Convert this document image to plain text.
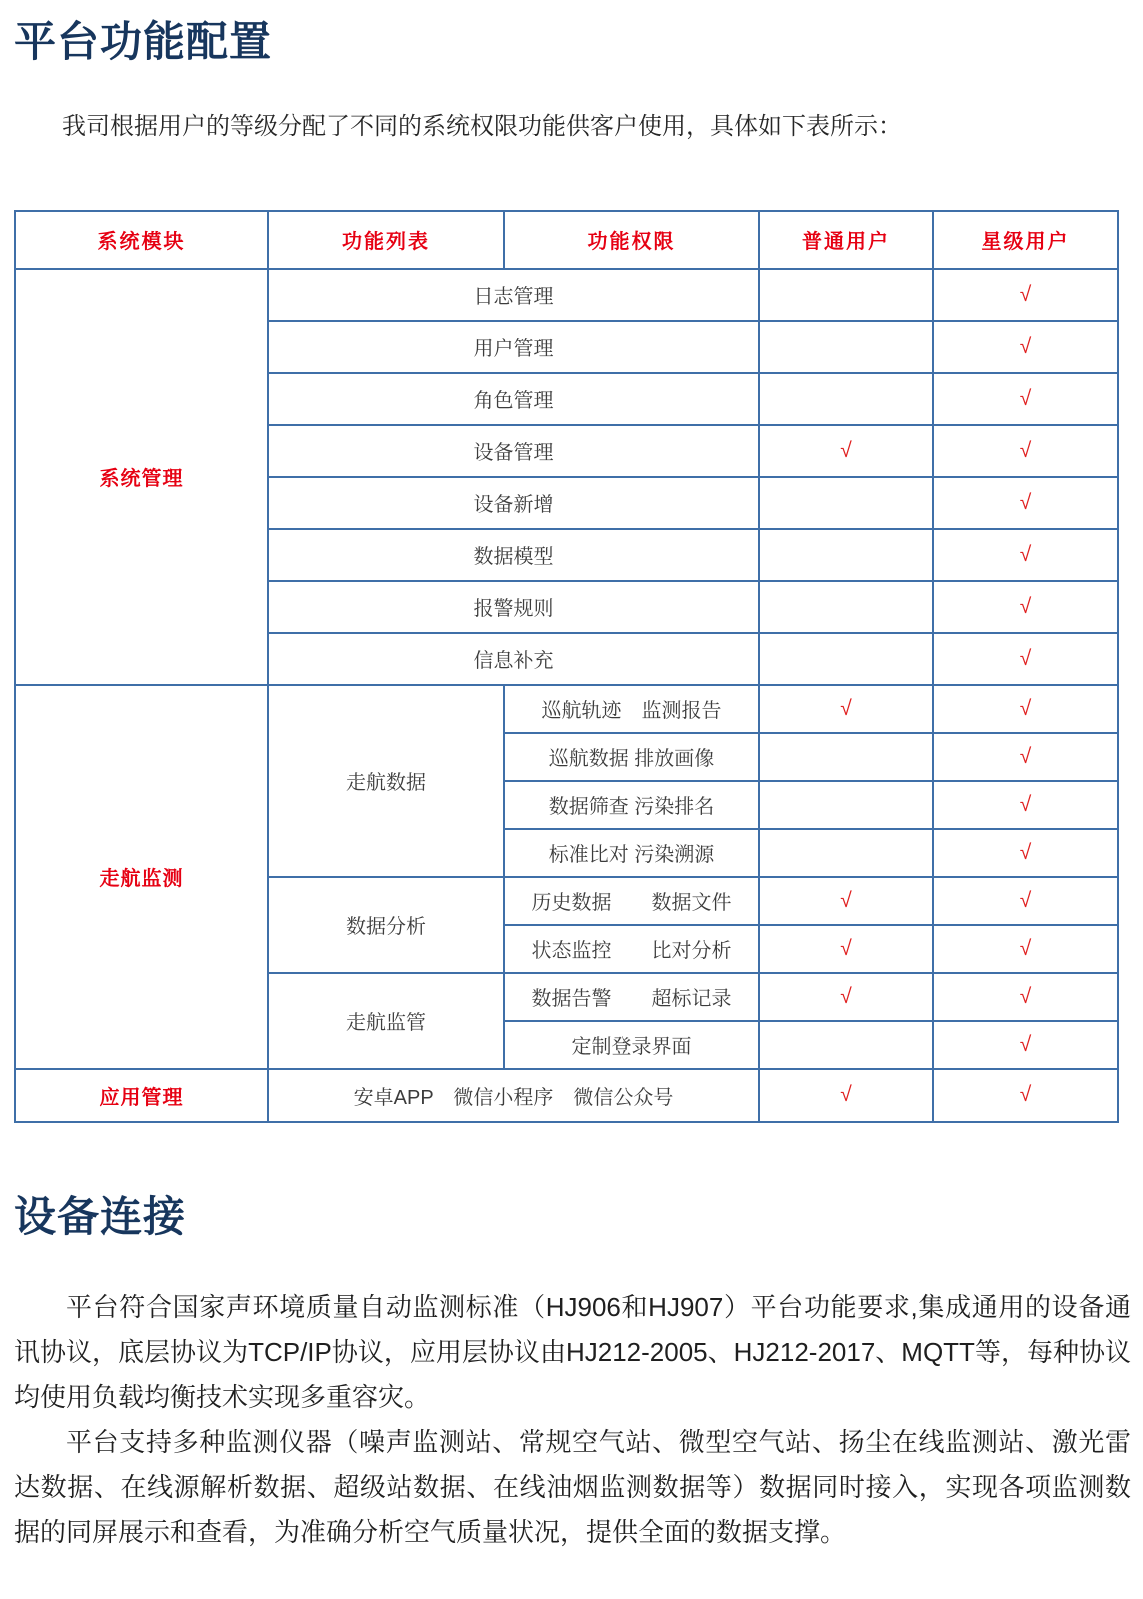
平台功能配置

我司根据用户的等级分配了不同的系统权限功能供客户使用，具体如下表所示：

系统模块	功能列表	功能权限	普通用户	星级用户
系统管理	日志管理			√
	用户管理			√
	角色管理			√
	设备管理		√	√
	设备新增			√
	数据模型			√
	报警规则			√
	信息补充			√
走航监测	走航数据	巡航轨迹　监测报告	√	√
		巡航数据 排放画像		√
		数据筛查 污染排名		√
		标准比对 污染溯源		√
	数据分析	历史数据　　数据文件	√	√
		状态监控　　比对分析	√	√
	走航监管	数据告警　　超标记录	√	√
		定制登录界面		√
应用管理	安卓APP　微信小程序　微信公众号		√	√
设备连接

平台符合国家声环境质量自动监测标准（HJ906和HJ907）平台功能要求,集成通用的设备通讯协议，底层协议为TCP/IP协议，应用层协议由HJ212-2005、HJ212-2017、MQTT等，每种协议均使用负载均衡技术实现多重容灾。

平台支持多种监测仪器（噪声监测站、常规空气站、微型空气站、扬尘在线监测站、激光雷达数据、在线源解析数据、超级站数据、在线油烟监测数据等）数据同时接入，实现各项监测数据的同屏展示和查看，为准确分析空气质量状况，提供全面的数据支撑。
